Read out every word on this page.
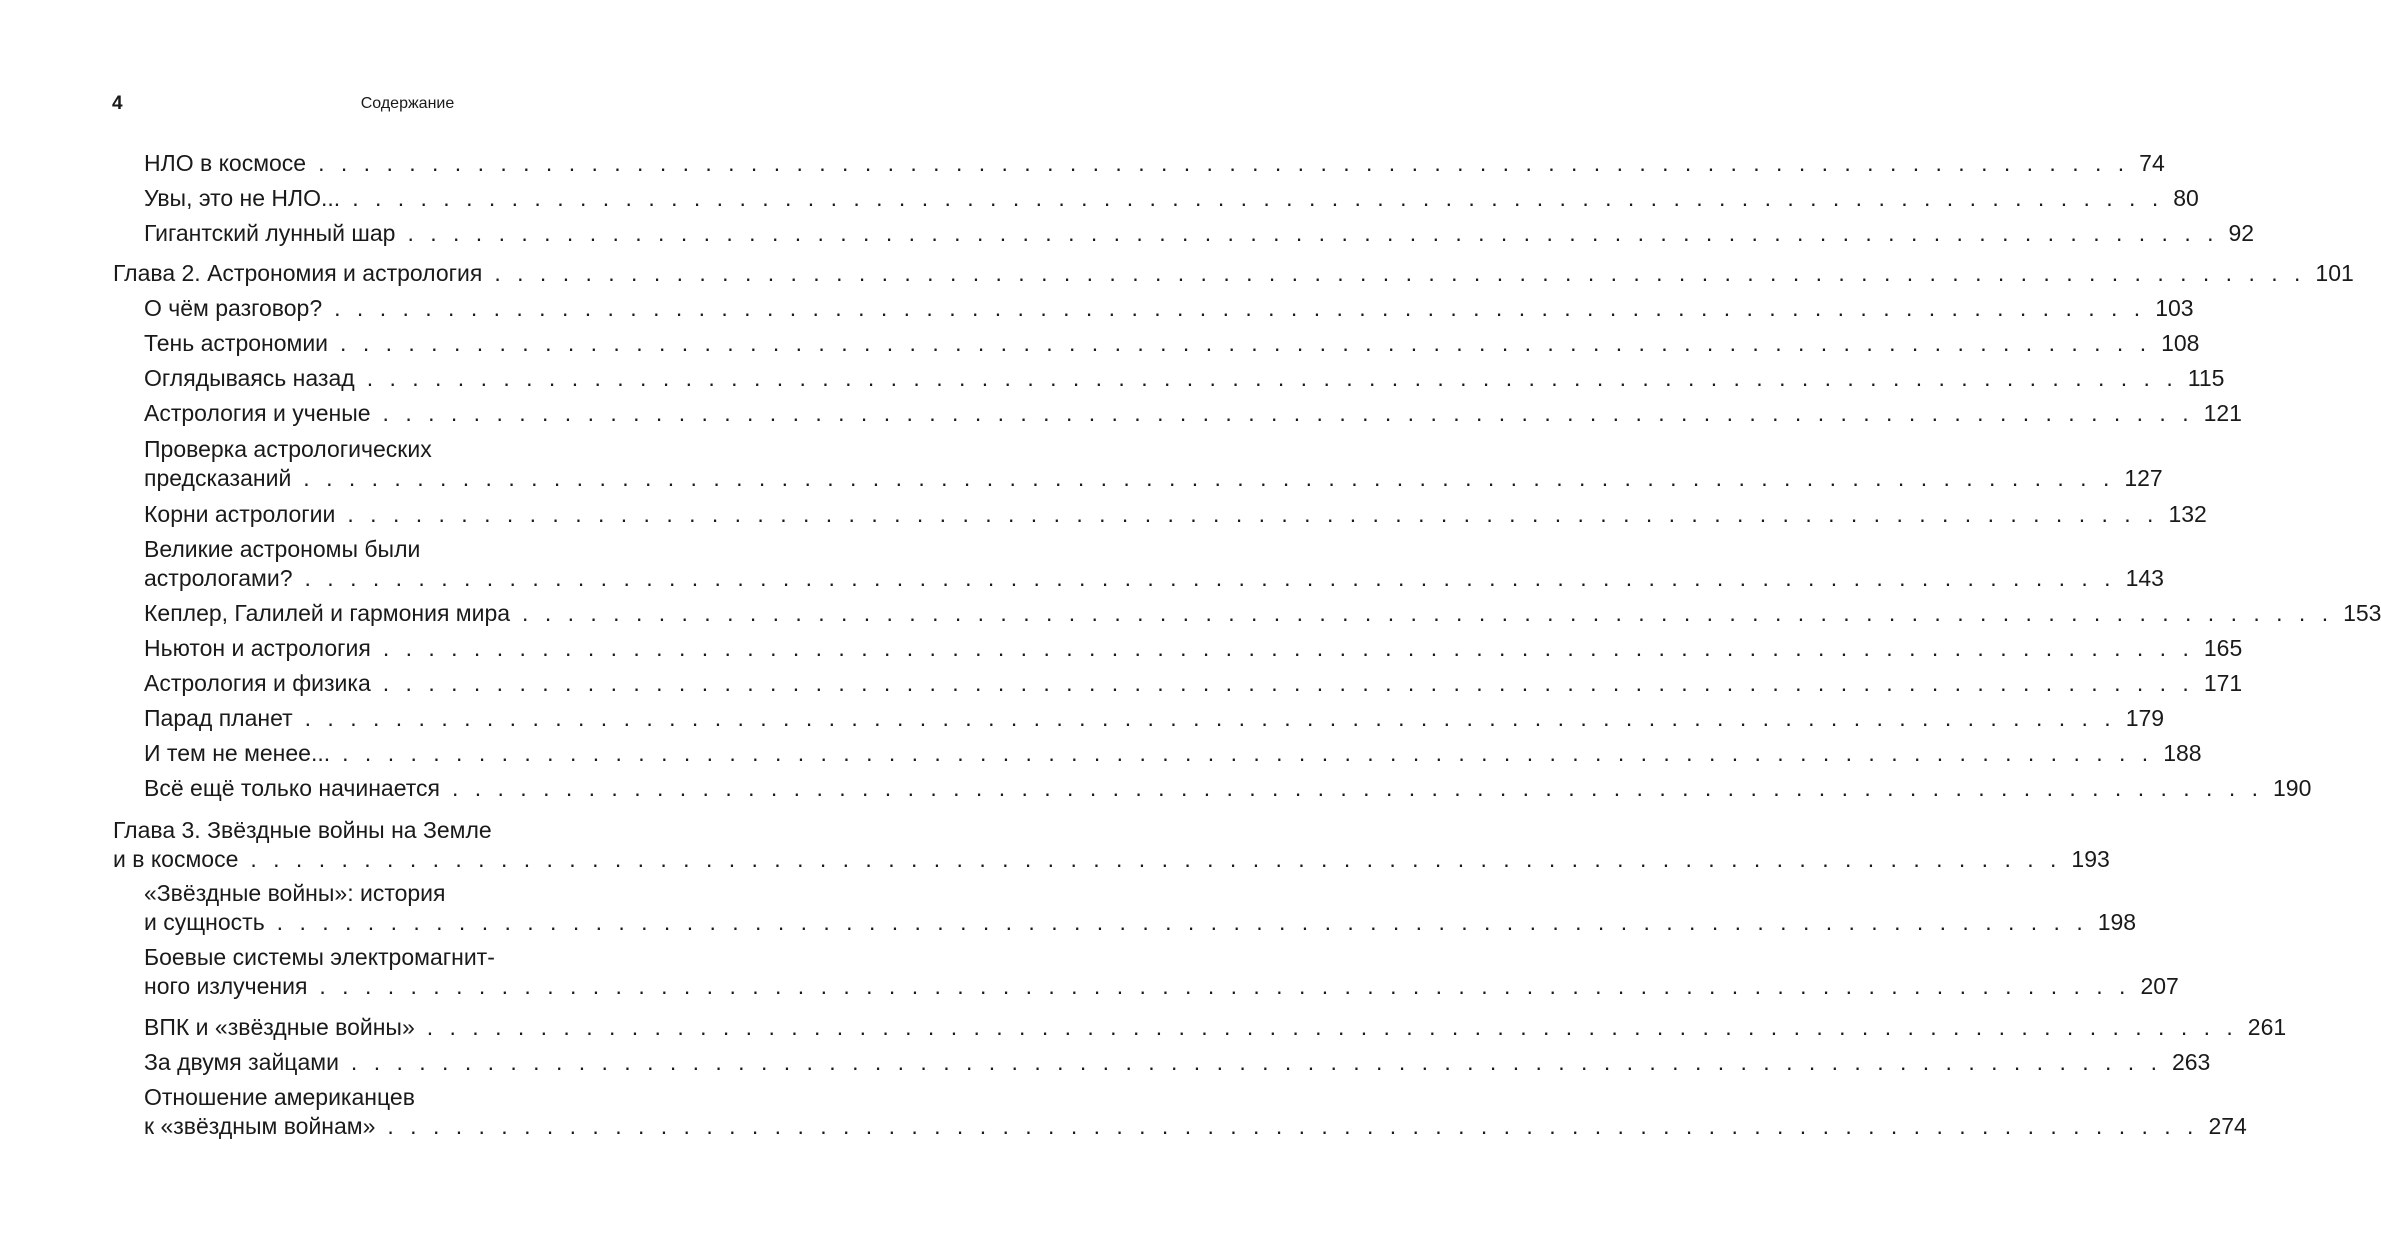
4	Содержание
НЛО в космосе . . . . . . . . . . . . . . . . . . . . . . . . . . . . . . . . . . . . . . . . . . . . . . . . . . . . . . . . . . . . . . . . . . . . . . . . . . . . . . . . 74
Увы, это не НЛО... . . . . . . . . . . . . . . . . . . . . . . . . . . . . . . . . . . . . . . . . . . . . . . . . . . . . . . . . . . . . . . . . . . . . . . . . . . . . . . . . 80
Гигантский лунный шар . . . . . . . . . . . . . . . . . . . . . . . . . . . . . . . . . . . . . . . . . . . . . . . . . . . . . . . . . . . . . . . . . . . . . . . . . . . . . . . . 92
Глава 2. Астрономия и астрология . . . . . . . . . . . . . . . . . . . . . . . . . . . . . . . . . . . . . . . . . . . . . . . . . . . . . . . . . . . . . . . . . . . . . . . . . . . . . . . . 101
О чём разговор? . . . . . . . . . . . . . . . . . . . . . . . . . . . . . . . . . . . . . . . . . . . . . . . . . . . . . . . . . . . . . . . . . . . . . . . . . . . . . . . . 103
Тень астрономии . . . . . . . . . . . . . . . . . . . . . . . . . . . . . . . . . . . . . . . . . . . . . . . . . . . . . . . . . . . . . . . . . . . . . . . . . . . . . . . . 108
Оглядываясь назад . . . . . . . . . . . . . . . . . . . . . . . . . . . . . . . . . . . . . . . . . . . . . . . . . . . . . . . . . . . . . . . . . . . . . . . . . . . . . . . . 115
Астрология и ученые . . . . . . . . . . . . . . . . . . . . . . . . . . . . . . . . . . . . . . . . . . . . . . . . . . . . . . . . . . . . . . . . . . . . . . . . . . . . . . . . 121
Проверка астрологических
предсказаний . . . . . . . . . . . . . . . . . . . . . . . . . . . . . . . . . . . . . . . . . . . . . . . . . . . . . . . . . . . . . . . . . . . . . . . . . . . . . . . . 127
Корни астрологии . . . . . . . . . . . . . . . . . . . . . . . . . . . . . . . . . . . . . . . . . . . . . . . . . . . . . . . . . . . . . . . . . . . . . . . . . . . . . . . . 132
Великие астрономы были
астрологами? . . . . . . . . . . . . . . . . . . . . . . . . . . . . . . . . . . . . . . . . . . . . . . . . . . . . . . . . . . . . . . . . . . . . . . . . . . . . . . . . 143
Кеплер, Галилей и гармония мира . . . . . . . . . . . . . . . . . . . . . . . . . . . . . . . . . . . . . . . . . . . . . . . . . . . . . . . . . . . . . . . . . . . . . . . . . . . . . . . . 153
Ньютон и астрология . . . . . . . . . . . . . . . . . . . . . . . . . . . . . . . . . . . . . . . . . . . . . . . . . . . . . . . . . . . . . . . . . . . . . . . . . . . . . . . . 165
Астрология и физика . . . . . . . . . . . . . . . . . . . . . . . . . . . . . . . . . . . . . . . . . . . . . . . . . . . . . . . . . . . . . . . . . . . . . . . . . . . . . . . . 171
Парад планет . . . . . . . . . . . . . . . . . . . . . . . . . . . . . . . . . . . . . . . . . . . . . . . . . . . . . . . . . . . . . . . . . . . . . . . . . . . . . . . . 179
И тем не менее... . . . . . . . . . . . . . . . . . . . . . . . . . . . . . . . . . . . . . . . . . . . . . . . . . . . . . . . . . . . . . . . . . . . . . . . . . . . . . . . . 188
Всё ещё только начинается . . . . . . . . . . . . . . . . . . . . . . . . . . . . . . . . . . . . . . . . . . . . . . . . . . . . . . . . . . . . . . . . . . . . . . . . . . . . . . . . 190
Глава 3. Звёздные войны на Земле
и в космосе . . . . . . . . . . . . . . . . . . . . . . . . . . . . . . . . . . . . . . . . . . . . . . . . . . . . . . . . . . . . . . . . . . . . . . . . . . . . . . . . 193
«Звёздные войны»: история
и сущность . . . . . . . . . . . . . . . . . . . . . . . . . . . . . . . . . . . . . . . . . . . . . . . . . . . . . . . . . . . . . . . . . . . . . . . . . . . . . . . . 198
Боевые системы электромагнит-
ного излучения . . . . . . . . . . . . . . . . . . . . . . . . . . . . . . . . . . . . . . . . . . . . . . . . . . . . . . . . . . . . . . . . . . . . . . . . . . . . . . . . 207
ВПК и «звёздные войны» . . . . . . . . . . . . . . . . . . . . . . . . . . . . . . . . . . . . . . . . . . . . . . . . . . . . . . . . . . . . . . . . . . . . . . . . . . . . . . . . 261
За двумя зайцами . . . . . . . . . . . . . . . . . . . . . . . . . . . . . . . . . . . . . . . . . . . . . . . . . . . . . . . . . . . . . . . . . . . . . . . . . . . . . . . . 263
Отношение американцев
к «звёздным войнам» . . . . . . . . . . . . . . . . . . . . . . . . . . . . . . . . . . . . . . . . . . . . . . . . . . . . . . . . . . . . . . . . . . . . . . . . . . . . . . . . 274
